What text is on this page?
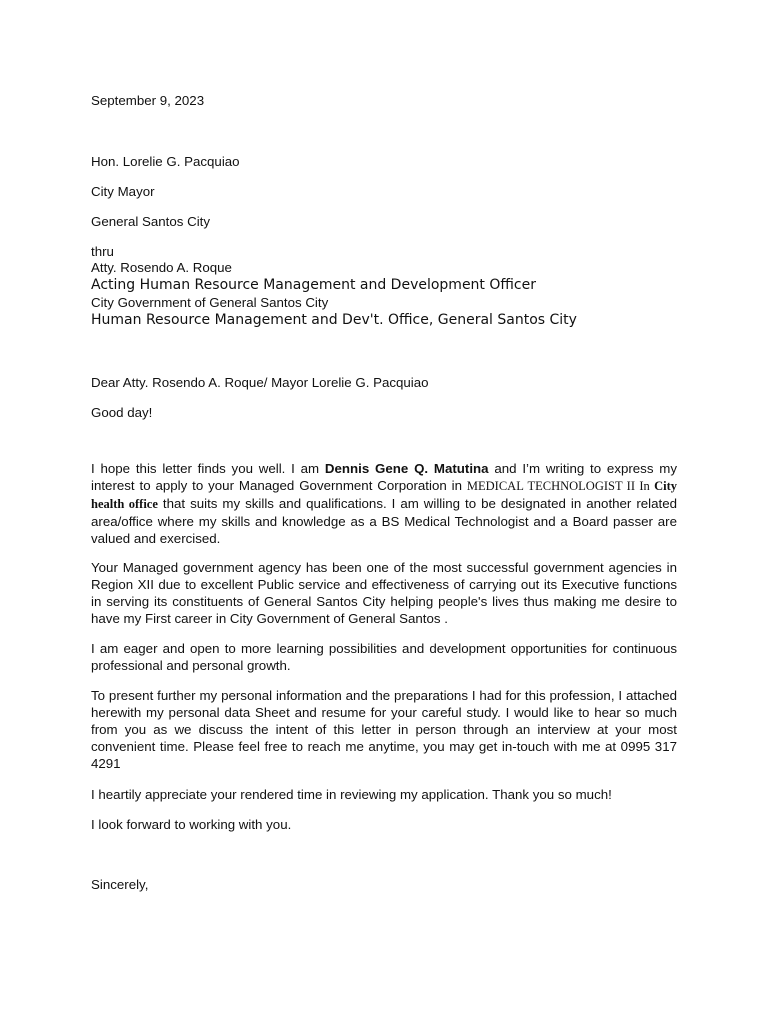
September 9, 2023
Hon. Lorelie G. Pacquiao
City Mayor
General Santos City
thru
Atty. Rosendo A. Roque
Acting Human Resource Management and Development Officer
City Government of General Santos City
Human Resource Management and Dev't. Office, General Santos City
Dear Atty. Rosendo A. Roque/ Mayor Lorelie G. Pacquiao
Good day!
I hope this letter finds you well. I am Dennis Gene Q. Matutina and I’m writing to express my interest to apply to your Managed Government Corporation in MEDICAL TECHNOLOGIST II In City health office that suits my skills and qualifications. I am willing to be designated in another related area/office where my skills and knowledge as a BS Medical Technologist and a Board passer are valued and exercised.
Your Managed government agency has been one of the most successful government agencies in Region XII due to excellent Public service and effectiveness of carrying out its Executive functions in serving its constituents of General Santos City helping people's lives thus making me desire to have my First career in City Government of General Santos .
I am eager and open to more learning possibilities and development opportunities for continuous professional and personal growth.
To present further my personal information and the preparations I had for this profession, I attached herewith my personal data Sheet and resume for your careful study. I would like to hear so much from you as we discuss the intent of this letter in person through an interview at your most convenient time. Please feel free to reach me anytime, you may get in-touch with me at 0995 317 4291
I heartily appreciate your rendered time in reviewing my application. Thank you so much!
I look forward to working with you.
Sincerely,
